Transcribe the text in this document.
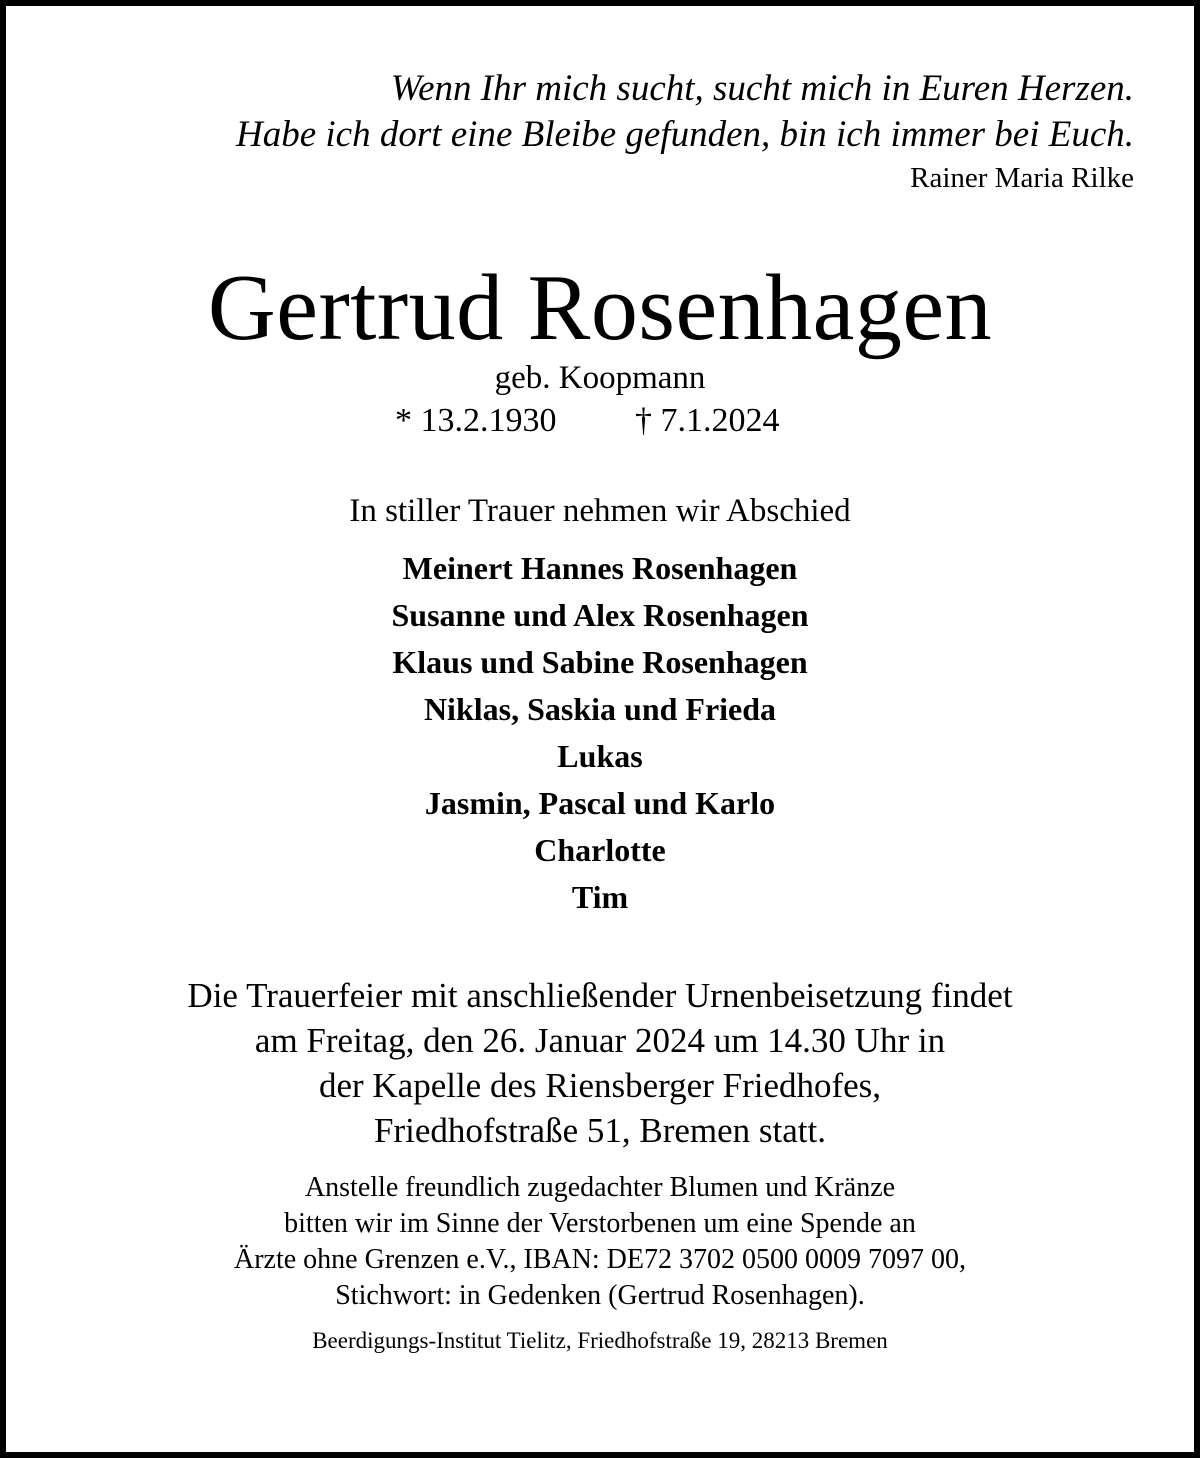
Wenn Ihr mich sucht, sucht mich in Euren Herzen.
Habe ich dort eine Bleibe gefunden, bin ich immer bei Euch.
Rainer Maria Rilke
Gertrud Rosenhagen
geb. Koopmann
* 13.2.1930 † 7.1.2024
In stiller Trauer nehmen wir Abschied
Meinert Hannes Rosenhagen
Susanne und Alex Rosenhagen
Klaus und Sabine Rosenhagen
Niklas, Saskia und Frieda
Lukas
Jasmin, Pascal und Karlo
Charlotte
Tim
Die Trauerfeier mit anschließender Urnenbeisetzung findet
am Freitag, den 26. Januar 2024 um 14.30 Uhr in
der Kapelle des Riensberger Friedhofes,
Friedhofstraße 51, Bremen statt.
Anstelle freundlich zugedachter Blumen und Kränze
bitten wir im Sinne der Verstorbenen um eine Spende an
Ärzte ohne Grenzen e.V., IBAN: DE72 3702 0500 0009 7097 00,
Stichwort: in Gedenken (Gertrud Rosenhagen).
Beerdigungs-Institut Tielitz, Friedhofstraße 19, 28213 Bremen
